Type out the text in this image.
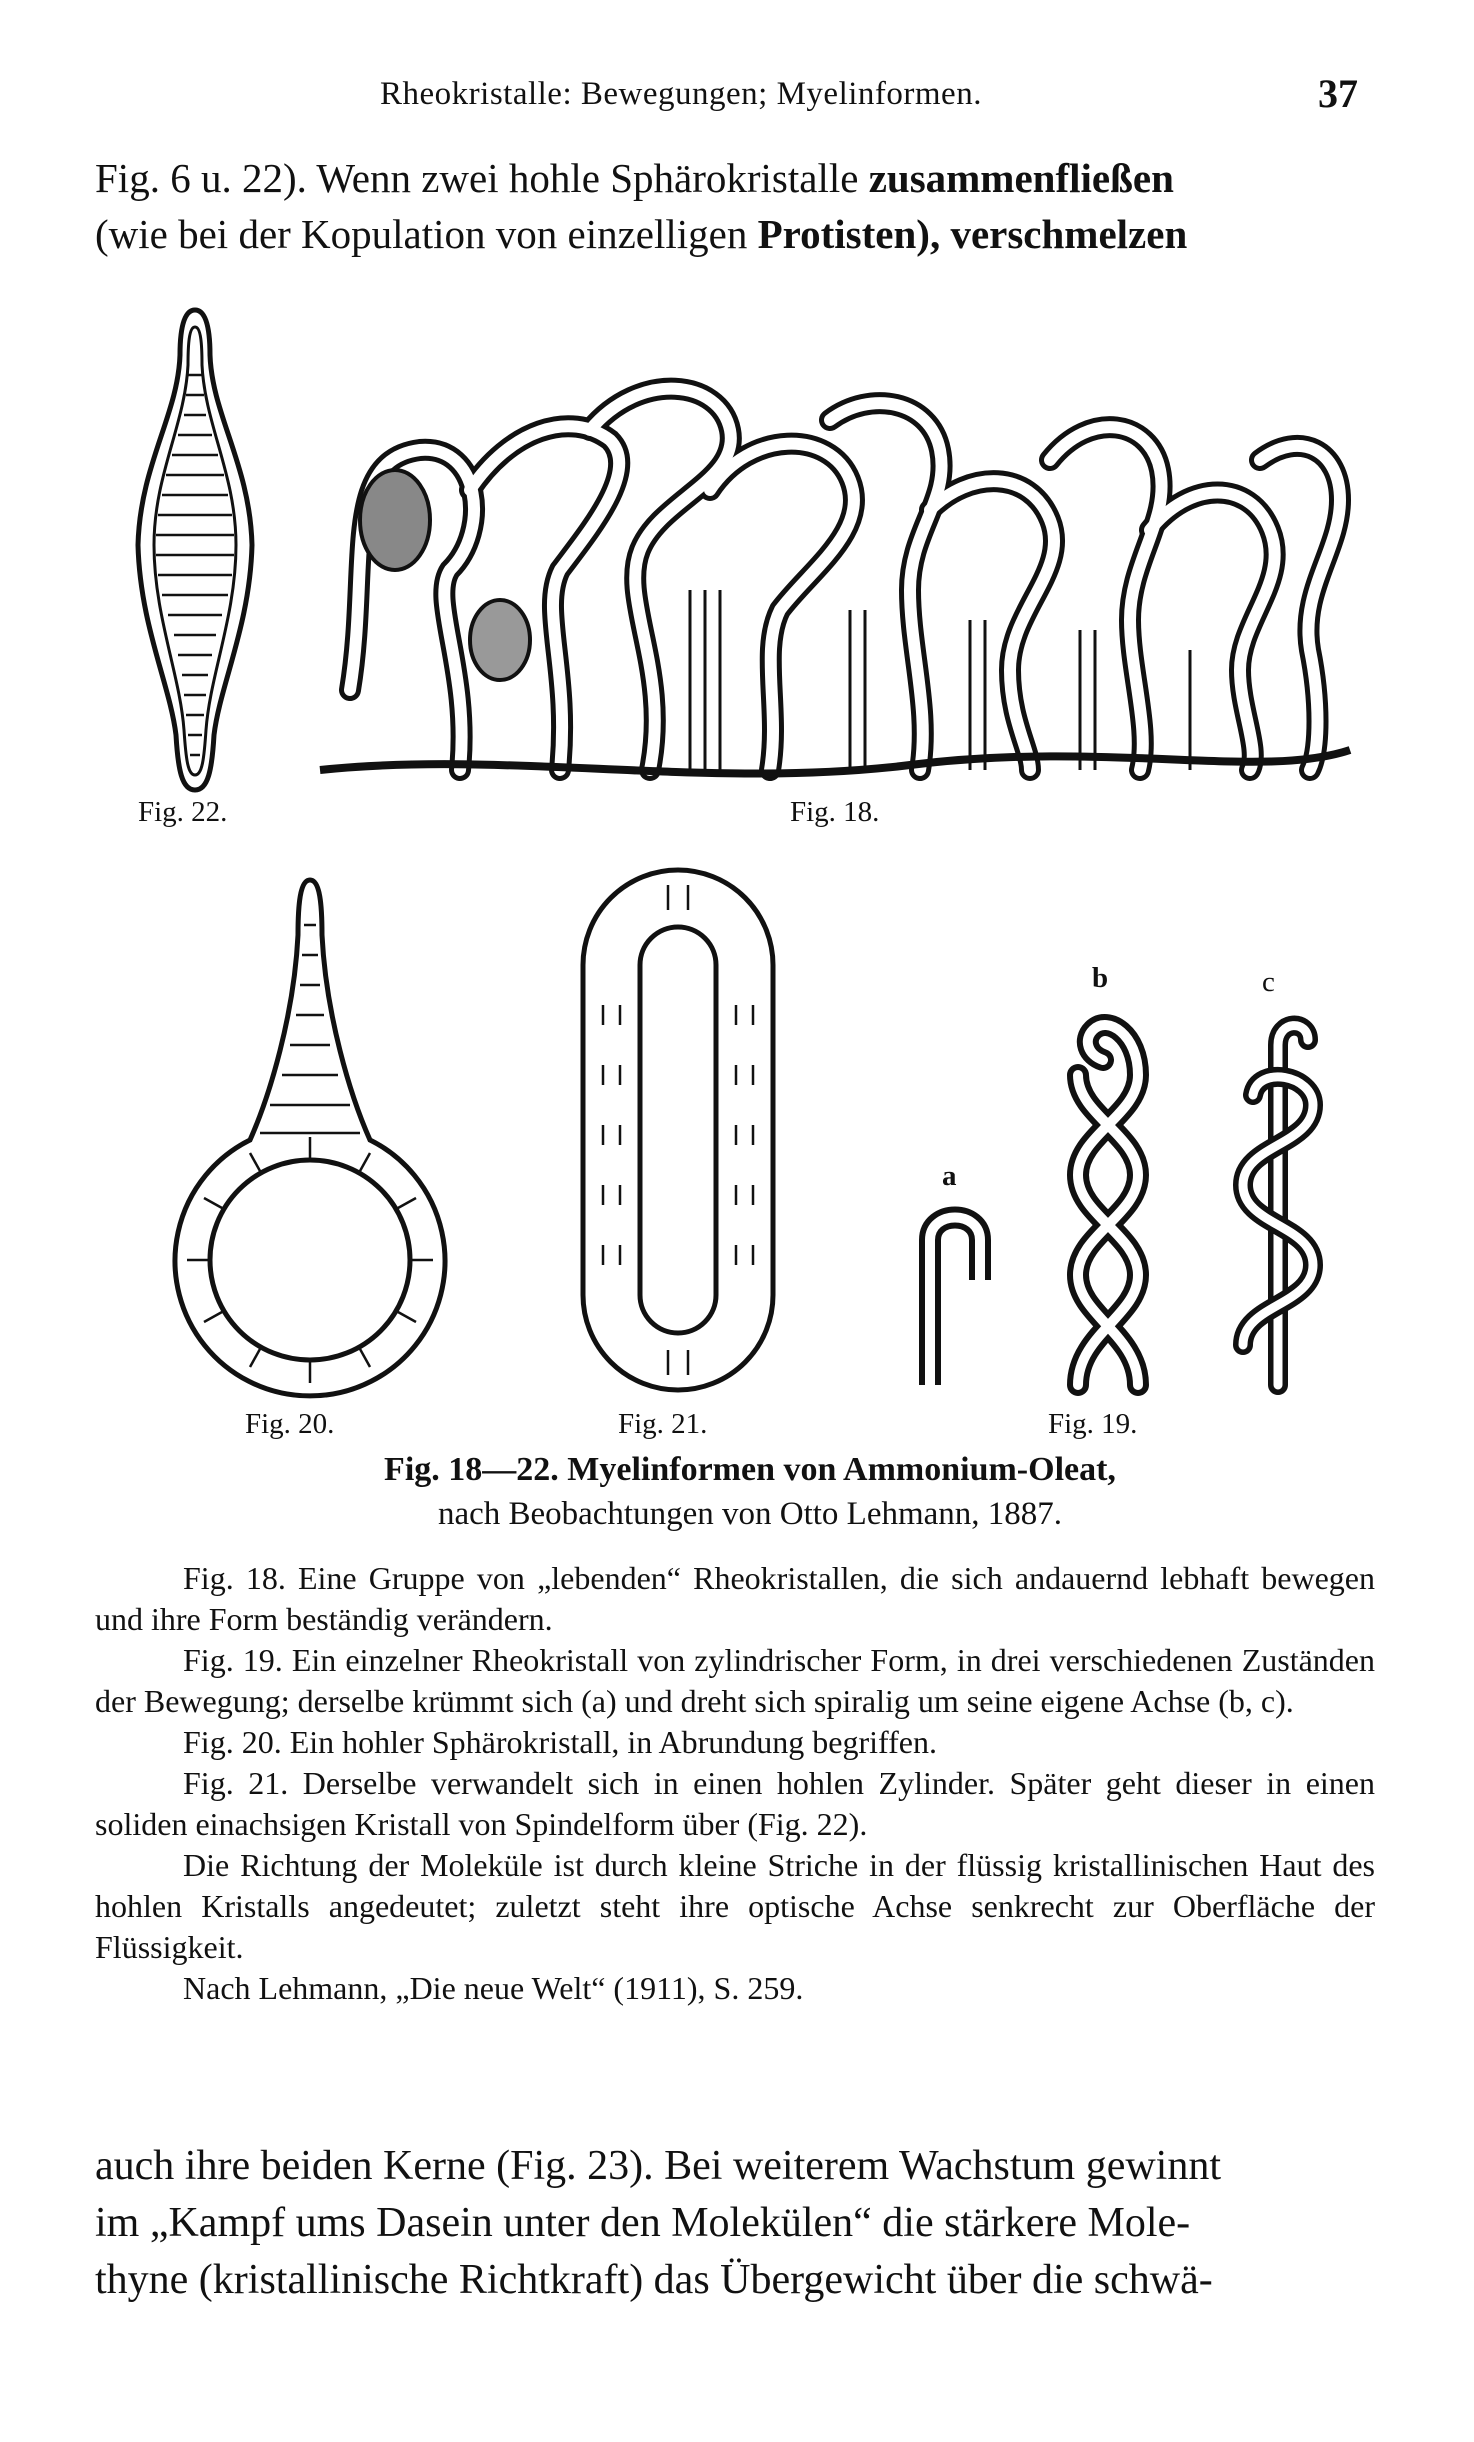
Rheokristalle: Bewegungen; Myelinformen.	37

Fig. 6 u. 22). Wenn zwei hohle Sphärokristalle zusammenfließen

(wie bei der Kopulation von einzelligen Protisten), verschmelzen

Fig. 22.	Fig. 18.
a
b	c
Fig. 20.	Fig. 21.	Fig. 19.
Fig. 18—22. Myelinformen von Ammonium-Oleat,
nach Beobachtungen von Otto Lehmann, 1887.

Fig. 18. Eine Gruppe von „lebenden“ Rheokristallen, die sich andauernd lebhaft bewegen und ihre Form beständig verändern.

Fig. 19. Ein einzelner Rheokristall von zylindrischer Form, in drei verschiedenen Zuständen der Bewegung; derselbe krümmt sich (a) und dreht sich spiralig um seine eigene Achse (b, c).

Fig. 20. Ein hohler Sphärokristall, in Abrundung begriffen.

Fig. 21. Derselbe verwandelt sich in einen hohlen Zylinder. Später geht dieser in einen soliden einachsigen Kristall von Spindelform über (Fig. 22).

Die Richtung der Moleküle ist durch kleine Striche in der flüssig kristallinischen Haut des hohlen Kristalls angedeutet; zuletzt steht ihre optische Achse senkrecht zur Oberfläche der Flüssigkeit.

Nach Lehmann, „Die neue Welt“ (1911), S. 259.

auch ihre beiden Kerne (Fig. 23). Bei weiterem Wachstum gewinnt

im „Kampf ums Dasein unter den Molekülen“ die stärkere Mole-

thyne (kristallinische Richtkraft) das Übergewicht über die schwä-
